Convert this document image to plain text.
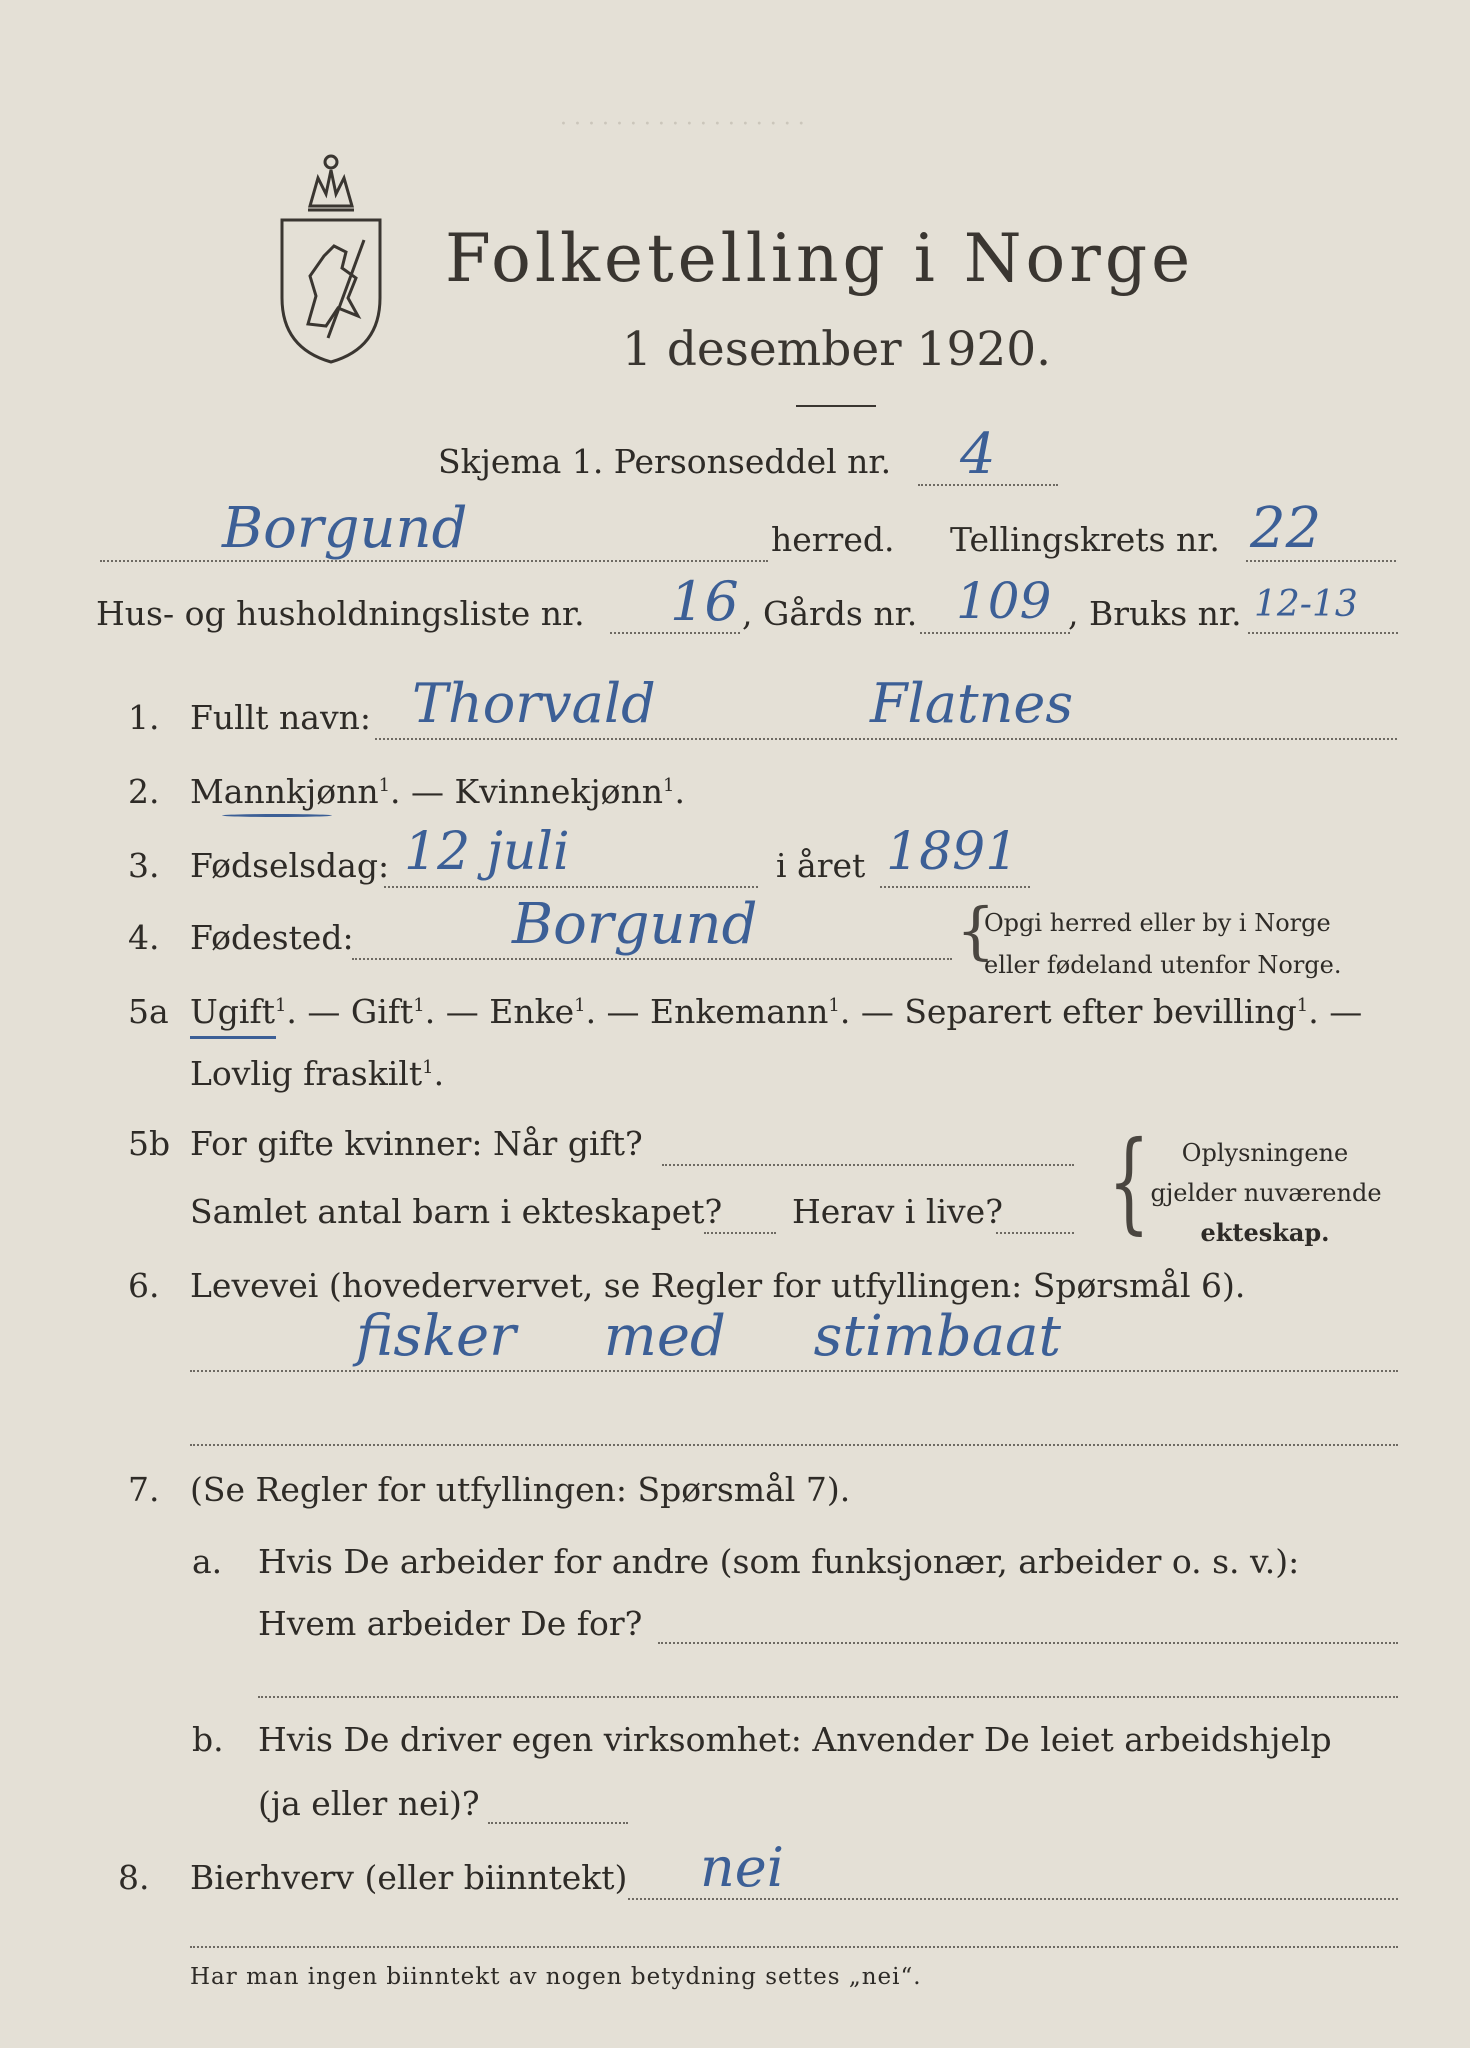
· · · · · · · · · · · · · · · · · ·
Folketelling i Norge
1 desember 1920.
Skjema 1. Personseddel nr. 4
Borgund	herred. Tellingskrets nr. 22
Hus- og husholdningsliste nr. 16 , Gårds nr. 109 , Bruks nr. 12-13
1. Fullt navn: Thorvald	Flatnes
2. Mannkjønn$^1$. — Kvinnekjønn$^1$.
3. Fødselsdag: 12 juli	i året 1891
4. Fødested:	Borgund	{
Opgi herred eller by i Norge
eller fødeland utenfor Norge.
5a Ugift$^1$. — Gift$^1$. — Enke$^1$. — Enkemann$^1$. — Separert efter bevilling$^1$. —
Lovlig fraskilt$^1$.
5b For gifte kvinner: Når gift?
Samlet antal barn i ekteskapet? Herav i live? {	Oplysningene
gjelder nuværende
ekteskap.
6. Levevei (hovedervervet, se Regler for utfyllingen: Spørsmål 6).
fisker med stimbaat
7. (Se Regler for utfyllingen: Spørsmål 7).
a. Hvis De arbeider for andre (som funksjonær, arbeider o. s. v.):
Hvem arbeider De for?
b. Hvis De driver egen virksomhet: Anvender De leiet arbeidshjelp
(ja eller nei)?
8. Bierhverv (eller biinntekt) nei
Har man ingen biinntekt av nogen betydning settes „nei“.
